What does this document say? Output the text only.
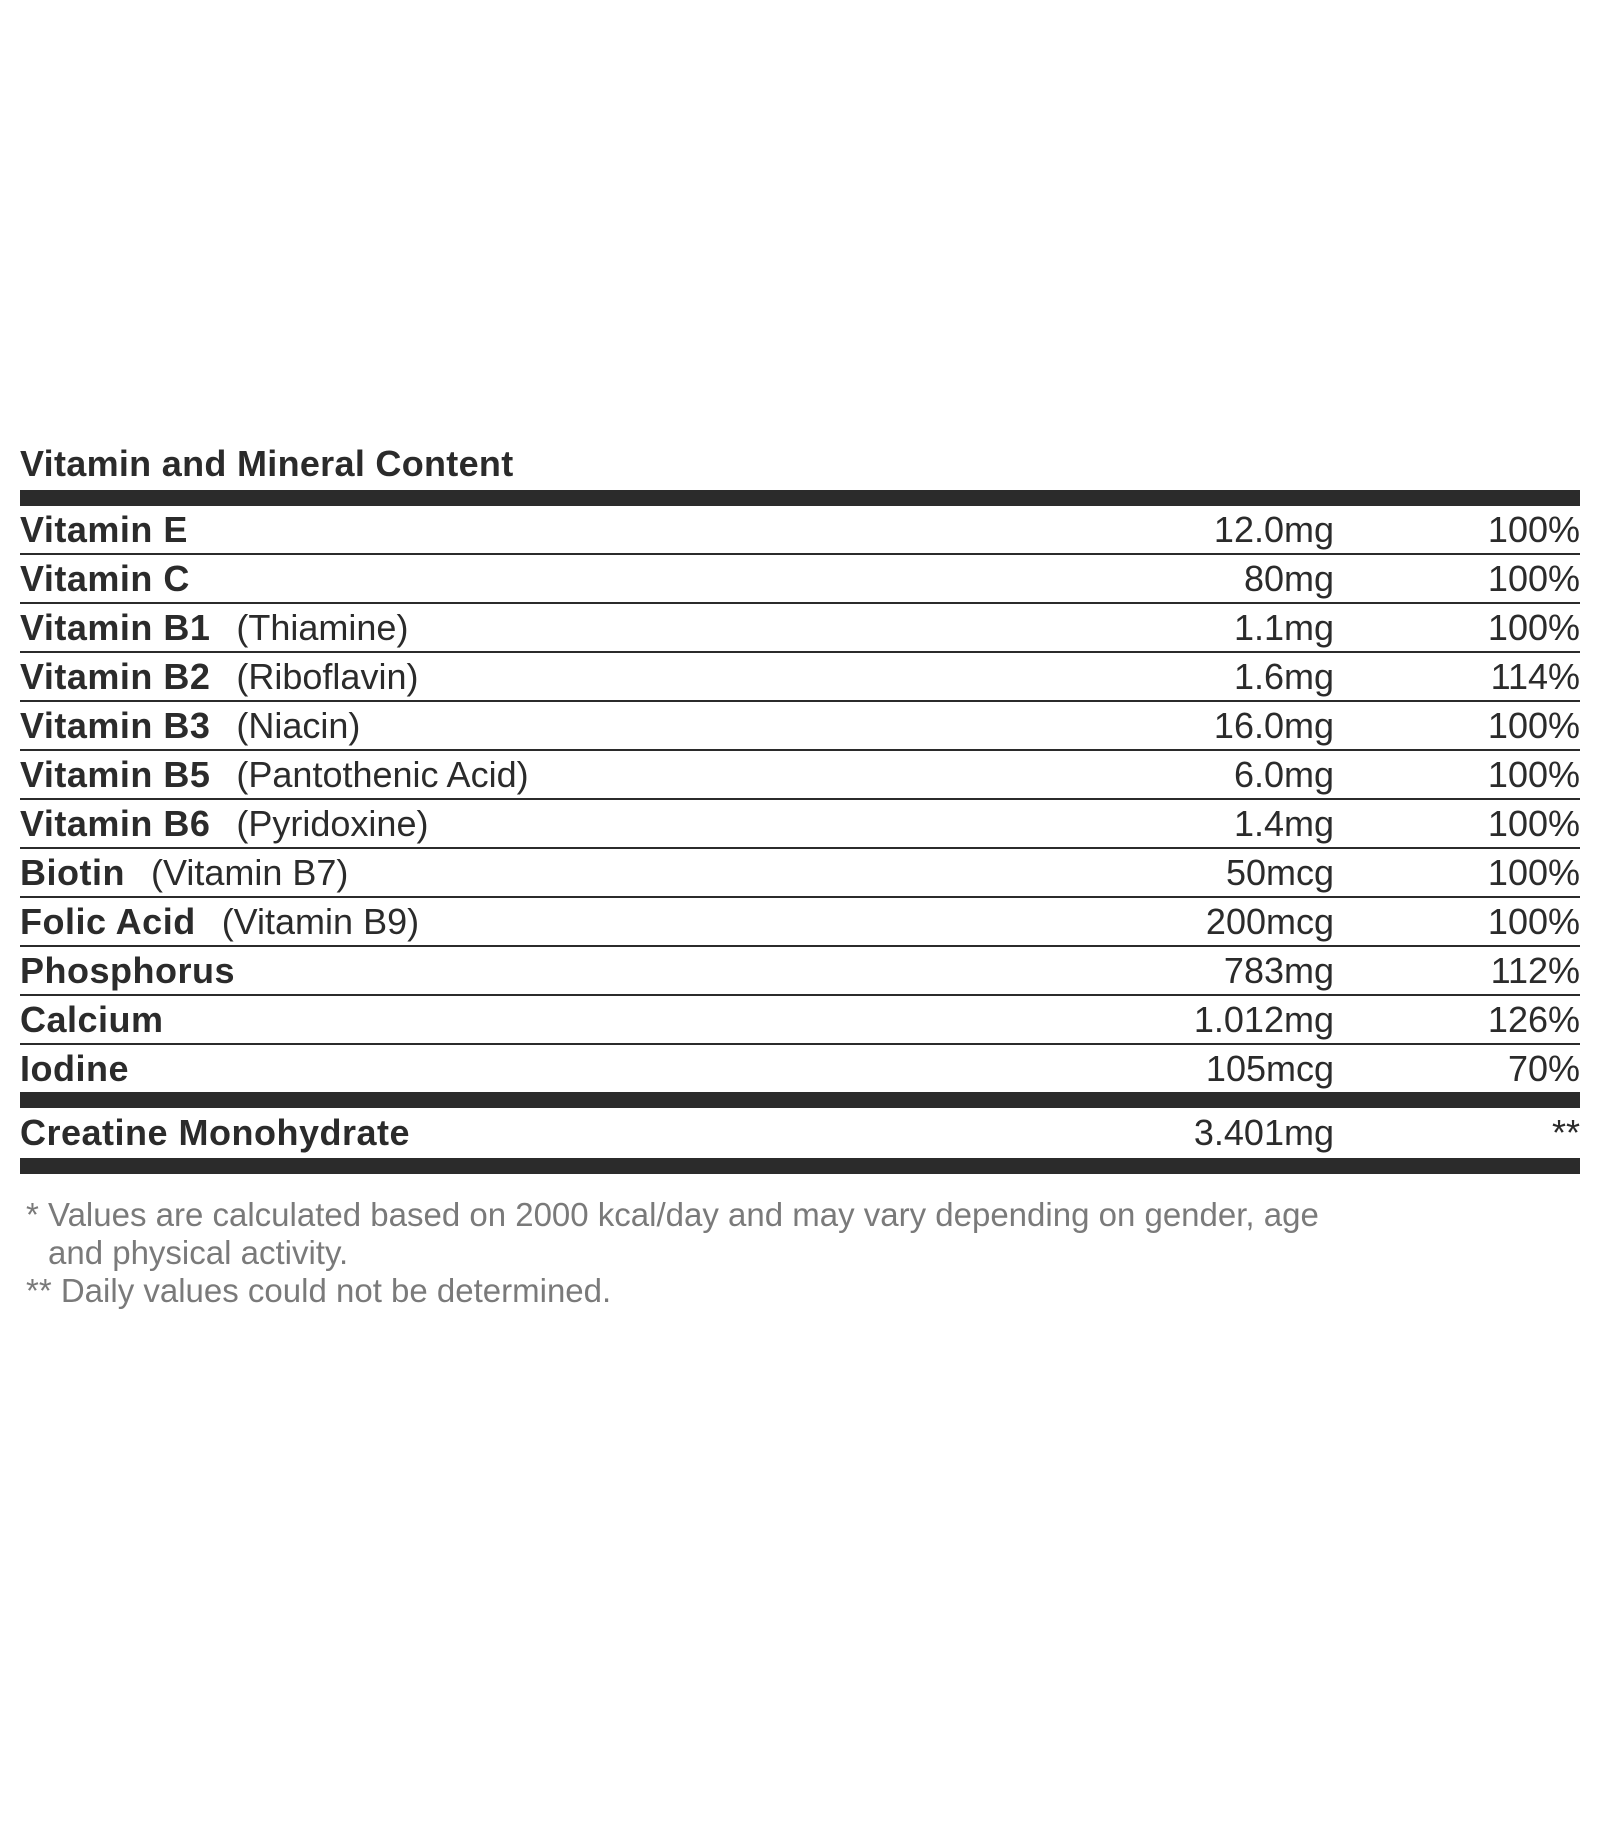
Vitamin and Mineral Content
Vitamin E	12.0mg	100%
Vitamin C	80mg	100%
Vitamin B1 (Thiamine)	1.1mg	100%
Vitamin B2 (Riboflavin)	1.6mg	114%
Vitamin B3 (Niacin)	16.0mg	100%
Vitamin B5 (Pantothenic Acid)	6.0mg	100%
Vitamin B6 (Pyridoxine)	1.4mg	100%
Biotin (Vitamin B7)	50mcg	100%
Folic Acid (Vitamin B9)	200mcg	100%
Phosphorus	783mg	112%
Calcium	1.012mg	126%
Iodine	105mcg	70%
Creatine Monohydrate	3.401mg	**
* Values are calculated based on 2000 kcal/day and may vary depending on gender, age
and physical activity.
** Daily values could not be determined.
